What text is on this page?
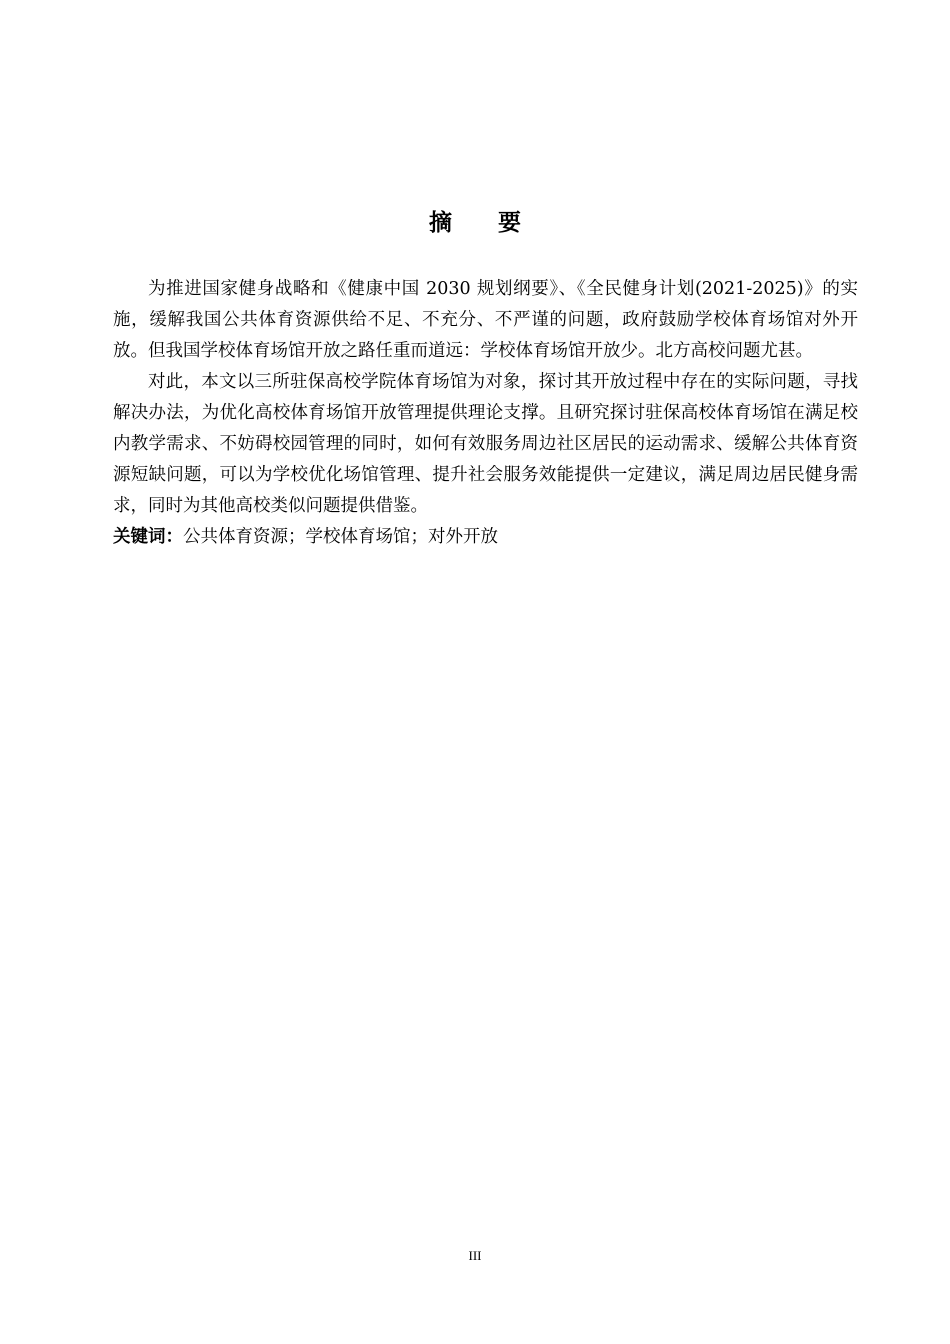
摘要

为推进国家健身战略和《健康中国 2030 规划纲要》、《全民健身计划(2021-2025)》的实施，缓解我国公共体育资源供给不足、不充分、不严谨的问题，政府鼓励学校体育场馆对外开放。但我国学校体育场馆开放之路任重而道远：学校体育场馆开放少。北方高校问题尤甚。

对此，本文以三所驻保高校学院体育场馆为对象，探讨其开放过程中存在的实际问题，寻找解决办法，为优化高校体育场馆开放管理提供理论支撑。且研究探讨驻保高校体育场馆在满足校内教学需求、不妨碍校园管理的同时，如何有效服务周边社区居民的运动需求、缓解公共体育资源短缺问题，可以为学校优化场馆管理、提升社会服务效能提供一定建议，满足周边居民健身需求，同时为其他高校类似问题提供借鉴。

关键词：公共体育资源；学校体育场馆；对外开放

III
